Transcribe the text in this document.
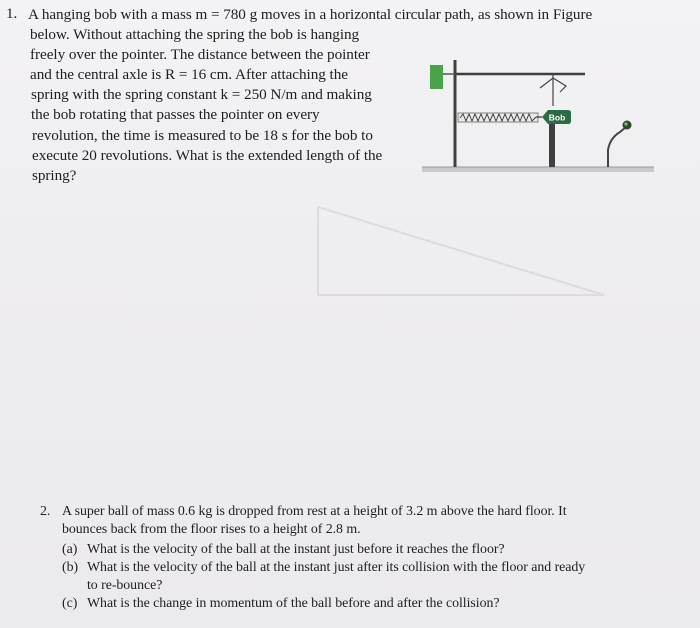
1. A hanging bob with a mass m = 780 g moves in a horizontal circular path, as shown in Figure
below. Without attaching the spring the bob is hanging
freely over the pointer. The distance between the pointer
and the central axle is R = 16 cm. After attaching the
spring with the spring constant k = 250 N/m and making
the bob rotating that passes the pointer on every
revolution, the time is measured to be 18 s for the bob to
execute 20 revolutions. What is the extended length of the
spring?
Bob
2. A super ball of mass 0.6 kg is dropped from rest at a height of 3.2 m above the hard floor. It
bounces back from the floor rises to a height of 2.8 m.
(a) What is the velocity of the ball at the instant just before it reaches the floor?
(b) What is the velocity of the ball at the instant just after its collision with the floor and ready
to re-bounce?
(c) What is the change in momentum of the ball before and after the collision?
